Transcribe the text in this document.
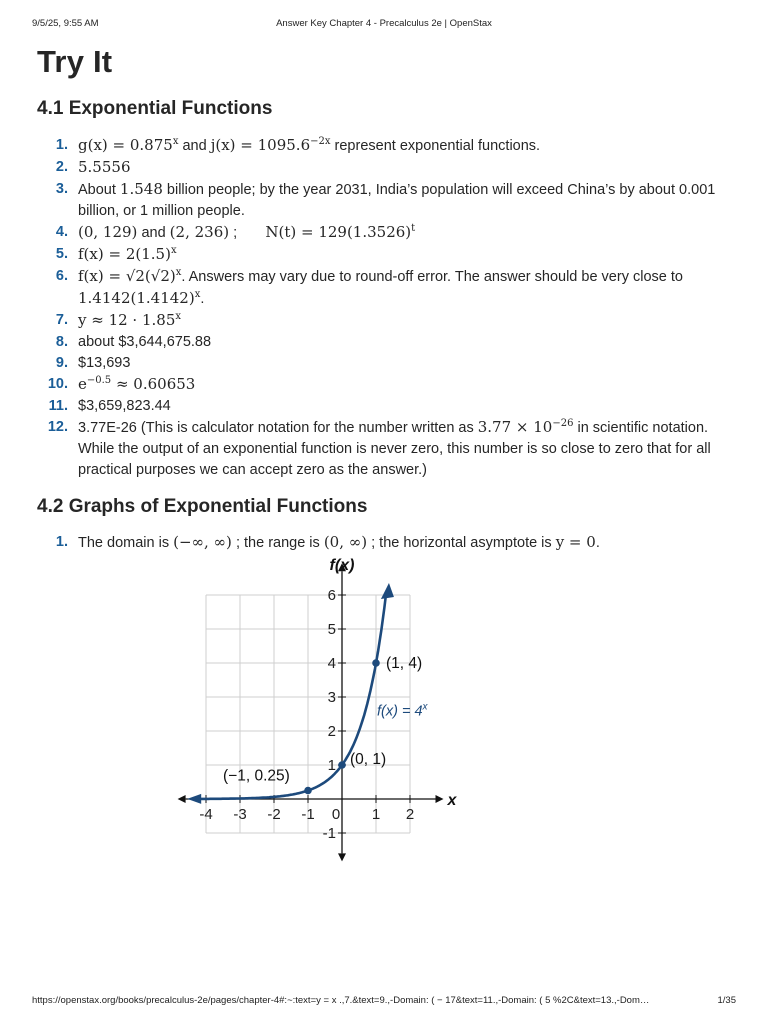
9/5/25, 9:55 AM	Answer Key Chapter 4 - Precalculus 2e | OpenStax
Try It
4.1 Exponential Functions
1. $g(x) = 0.875^x$ and $j(x) = 1095.6^{-2x}$ represent exponential functions.
2. 5.5556
3. About 1.548 billion people; by the year 2031, India’s population will exceed China’s by about 0.001 billion, or 1 million people.
4. (0, 129) and (2, 236) ;       $N(t) = 129(1.3526)^t$
5. $f(x) = 2(1.5)^x$
6. $f(x) = √2(√2)^x$. Answers may vary due to round-off error. The answer should be very close to $1.4142(1.4142)^x$.
7. $y \approx 12 \cdot 1.85^x$
8. about $3,644,675.88
9. $13,693
10. $e^{-0.5} \approx 0.60653$
11. $3,659,823.44
12. 3.77E-26 (This is calculator notation for the number written as $3.77 \times 10^{-26}$ in scientific notation. While the output of an exponential function is never zero, this number is so close to zero that for all practical purposes we can accept zero as the answer.)
4.2 Graphs of Exponential Functions
1. The domain is (−∞, ∞) ; the range is (0, ∞) ; the horizontal asymptote is y = 0.
-4 -3 -2 -1 0 1 2
-1
1
2
3
4
5
6
f(x)
x
(−1, 0.25)
(0, 1)
(1, 4)
$f(x) = 4^x$
https://openstax.org/books/precalculus-2e/pages/chapter-4#:~:text=y = x .,7.&text=9.,-Domain: ( − 17&text=11.,-Domain: ( 5 %2C&text=13.,-Dom…	1/35
